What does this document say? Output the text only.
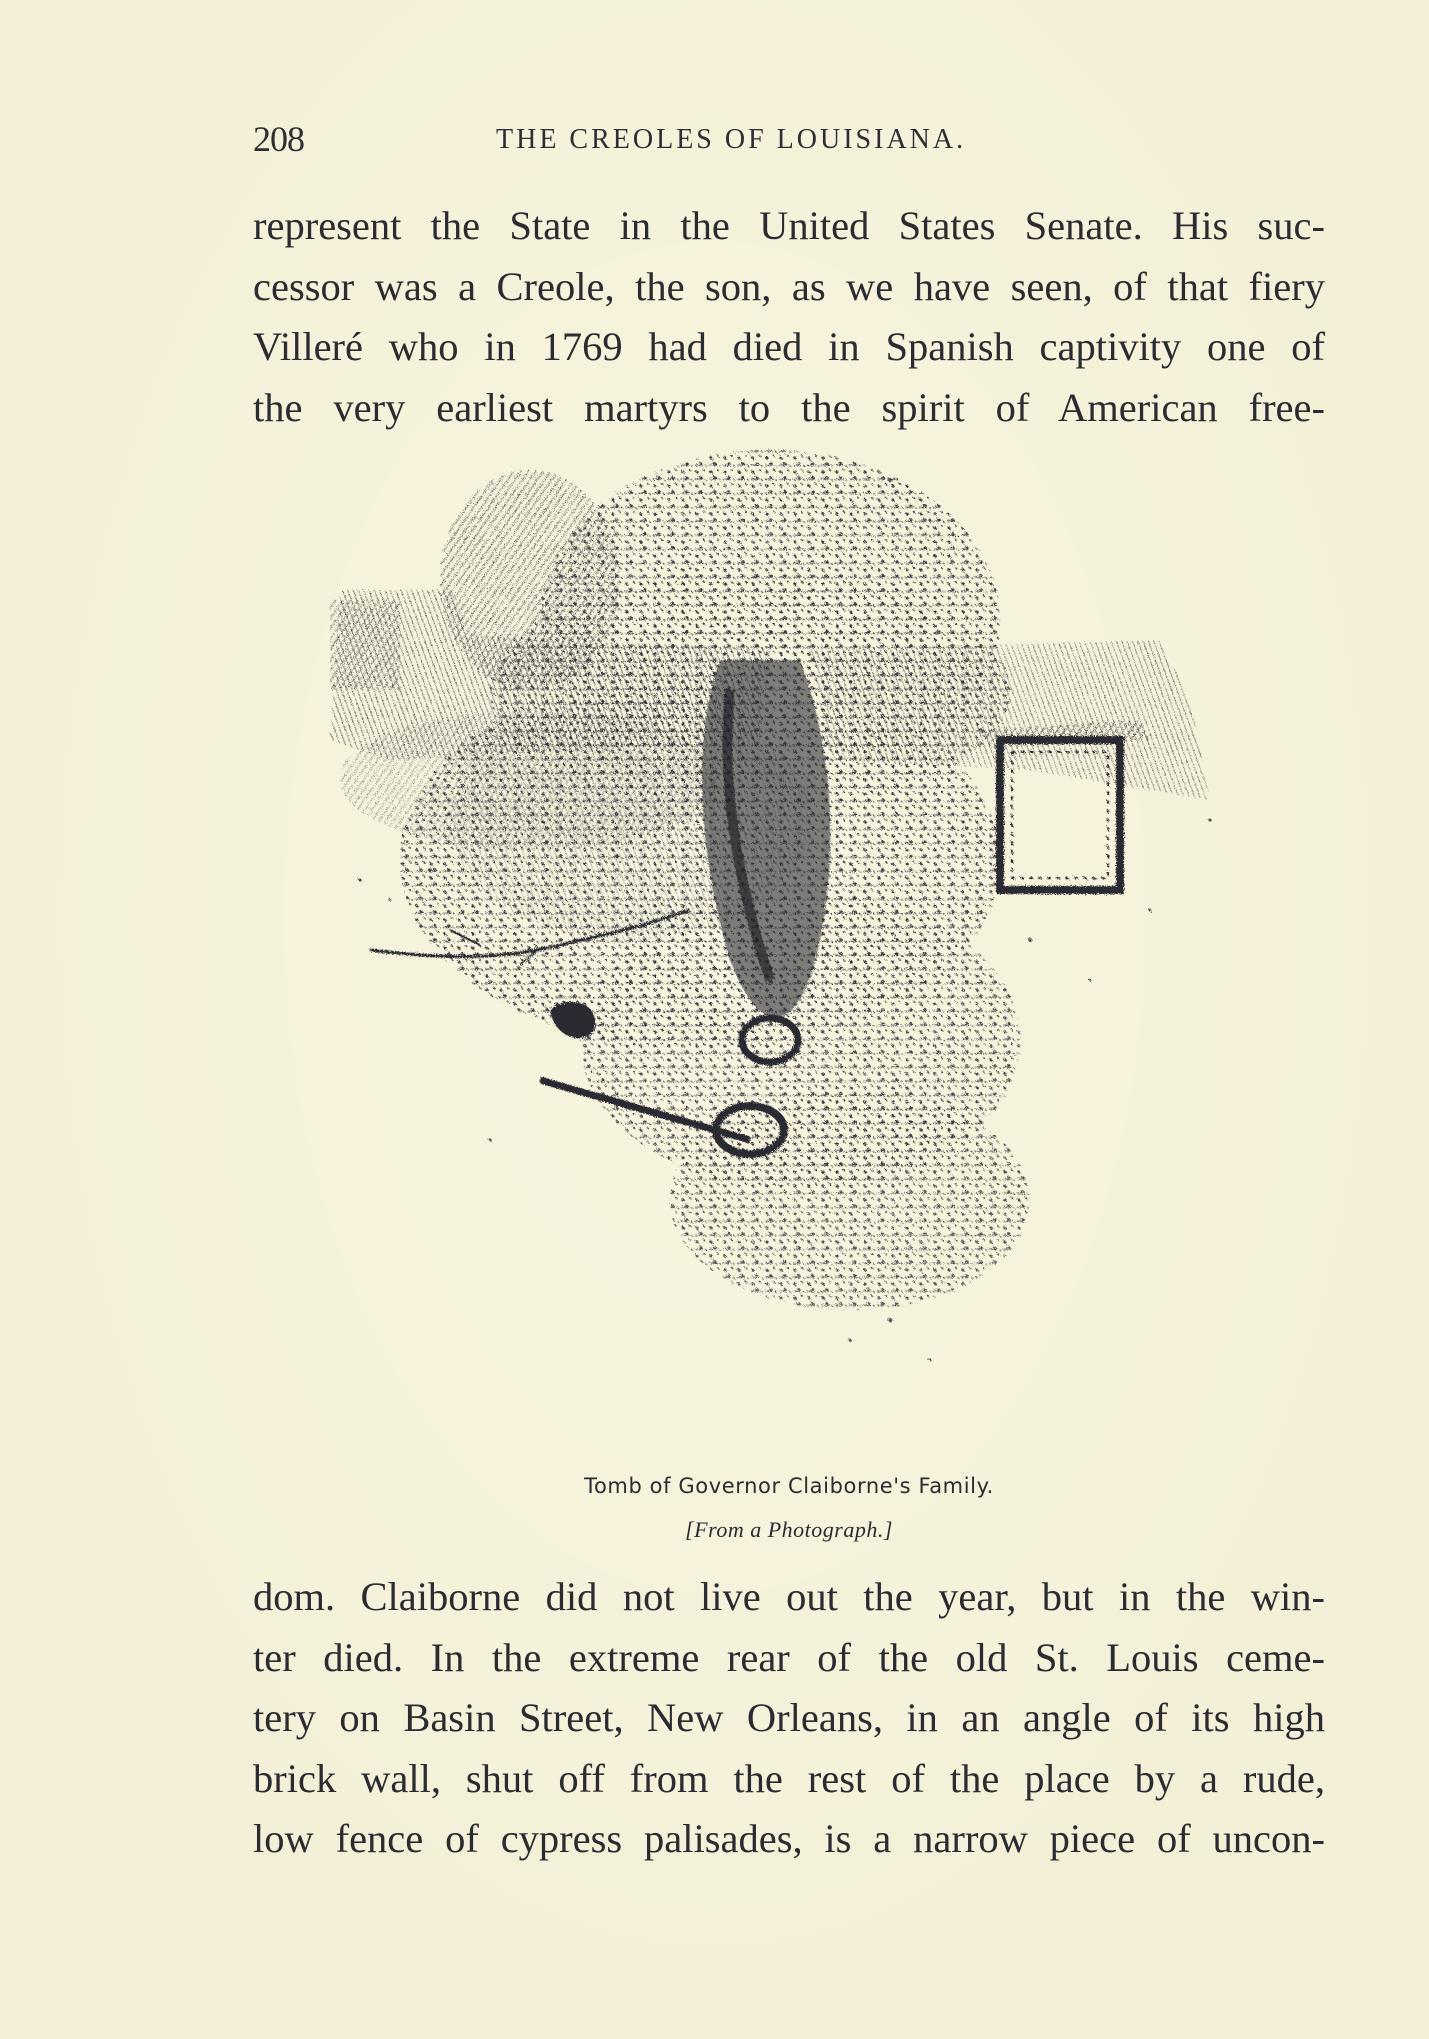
208	THE CREOLES OF LOUISIANA.
represent the State in the United States Senate. His suc-
cessor was a Creole, the son, as we have seen, of that fiery
Villeré who in 1769 had died in Spanish captivity one of
the very earliest martyrs to the spirit of American free-
Tomb of Governor Claiborne's Family.
[From a Photograph.]
dom. Claiborne did not live out the year, but in the win-
ter died. In the extreme rear of the old St. Louis ceme-
tery on Basin Street, New Orleans, in an angle of its high
brick wall, shut off from the rest of the place by a rude,
low fence of cypress palisades, is a narrow piece of uncon-
